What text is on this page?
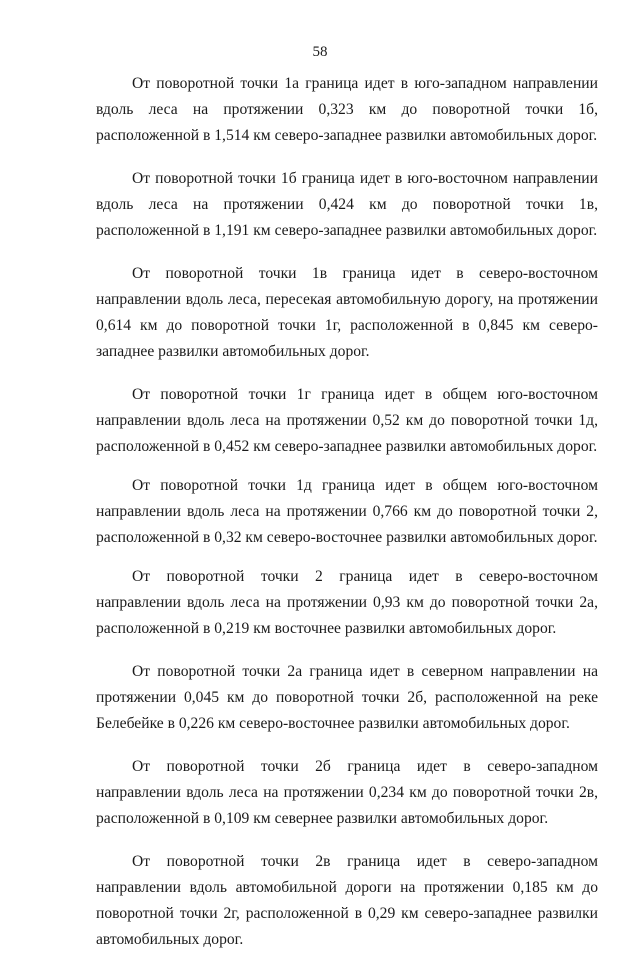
58

От поворотной точки 1а граница идет в юго-западном направлении вдоль леса на протяжении 0,323 км до поворотной точки 1б, расположенной в 1,514 км северо-западнее развилки автомобильных дорог.

От поворотной точки 1б граница идет в юго-восточном направлении вдоль леса на протяжении 0,424 км до поворотной точки 1в, расположенной в 1,191 км северо-западнее развилки автомобильных дорог.

От поворотной точки 1в граница идет в северо-восточном направлении вдоль леса, пересекая автомобильную дорогу, на протяжении 0,614 км до поворотной точки 1г, расположенной в 0,845 км северо-западнее развилки автомобильных дорог.

От поворотной точки 1г граница идет в общем юго-восточном направлении вдоль леса на протяжении 0,52 км до поворотной точки 1д, расположенной в 0,452 км северо-западнее развилки автомобильных дорог.

От поворотной точки 1д граница идет в общем юго-восточном направлении вдоль леса на протяжении 0,766 км до поворотной точки 2, расположенной в 0,32 км северо-восточнее развилки автомобильных дорог.

От поворотной точки 2 граница идет в северо-восточном направлении вдоль леса на протяжении 0,93 км до поворотной точки 2а, расположенной в 0,219 км восточнее развилки автомобильных дорог.

От поворотной точки 2а граница идет в северном направлении на протяжении 0,045 км до поворотной точки 2б, расположенной на реке Белебейке в 0,226 км северо-восточнее развилки автомобильных дорог.

От поворотной точки 2б граница идет в северо-западном направлении вдоль леса на протяжении 0,234 км до поворотной точки 2в, расположенной в 0,109 км севернее развилки автомобильных дорог.

От поворотной точки 2в граница идет в северо-западном направлении вдоль автомобильной дороги на протяжении 0,185 км до поворотной точки 2г, расположенной в 0,29 км северо-западнее развилки автомобильных дорог.
